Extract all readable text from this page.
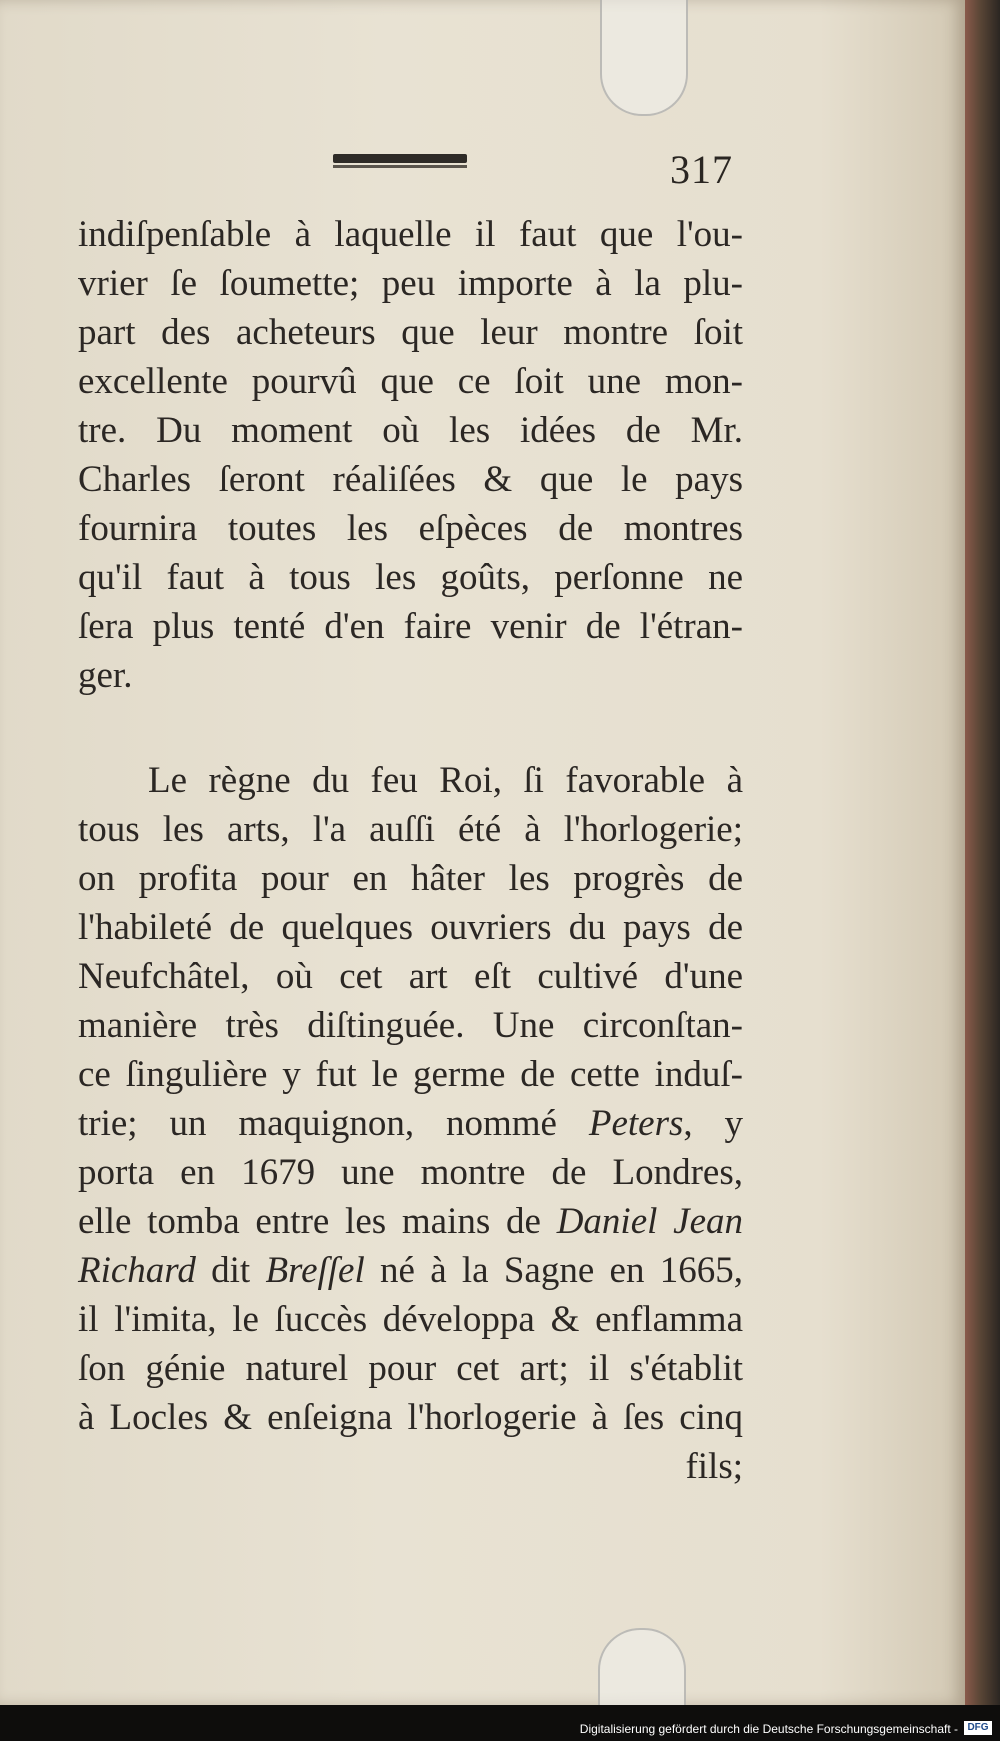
317
indiſpenſable à laquelle il faut que l'ou-
vrier ſe ſoumette; peu importe à la plu-
part des acheteurs que leur montre ſoit
excellente pourvû que ce ſoit une mon-
tre. Du moment où les idées de Mr.
Charles ſeront réaliſées & que le pays
fournira toutes les eſpèces de montres
qu'il faut à tous les goûts, perſonne ne
ſera plus tenté d'en faire venir de l'étran-
ger.
Le règne du feu Roi, ſi favorable à
tous les arts, l'a auſſi été à l'horlogerie;
on profita pour en hâter les progrès de
l'habileté de quelques ouvriers du pays de
Neufchâtel, où cet art eſt cultivé d'une
manière très diſtinguée. Une circonſtan-
ce ſingulière y fut le germe de cette induſ-
trie; un maquignon, nommé Peters, y
porta en 1679 une montre de Londres,
elle tomba entre les mains de Daniel Jean
Richard dit Breſſel né à la Sagne en 1665,
il l'imita, le ſuccès développa & enflamma
ſon génie naturel pour cet art; il s'établit
à Locles & enſeigna l'horlogerie à ſes cinq
fils;
Digitalisierung gefördert durch die Deutsche Forschungsgemeinschaft - DFG
